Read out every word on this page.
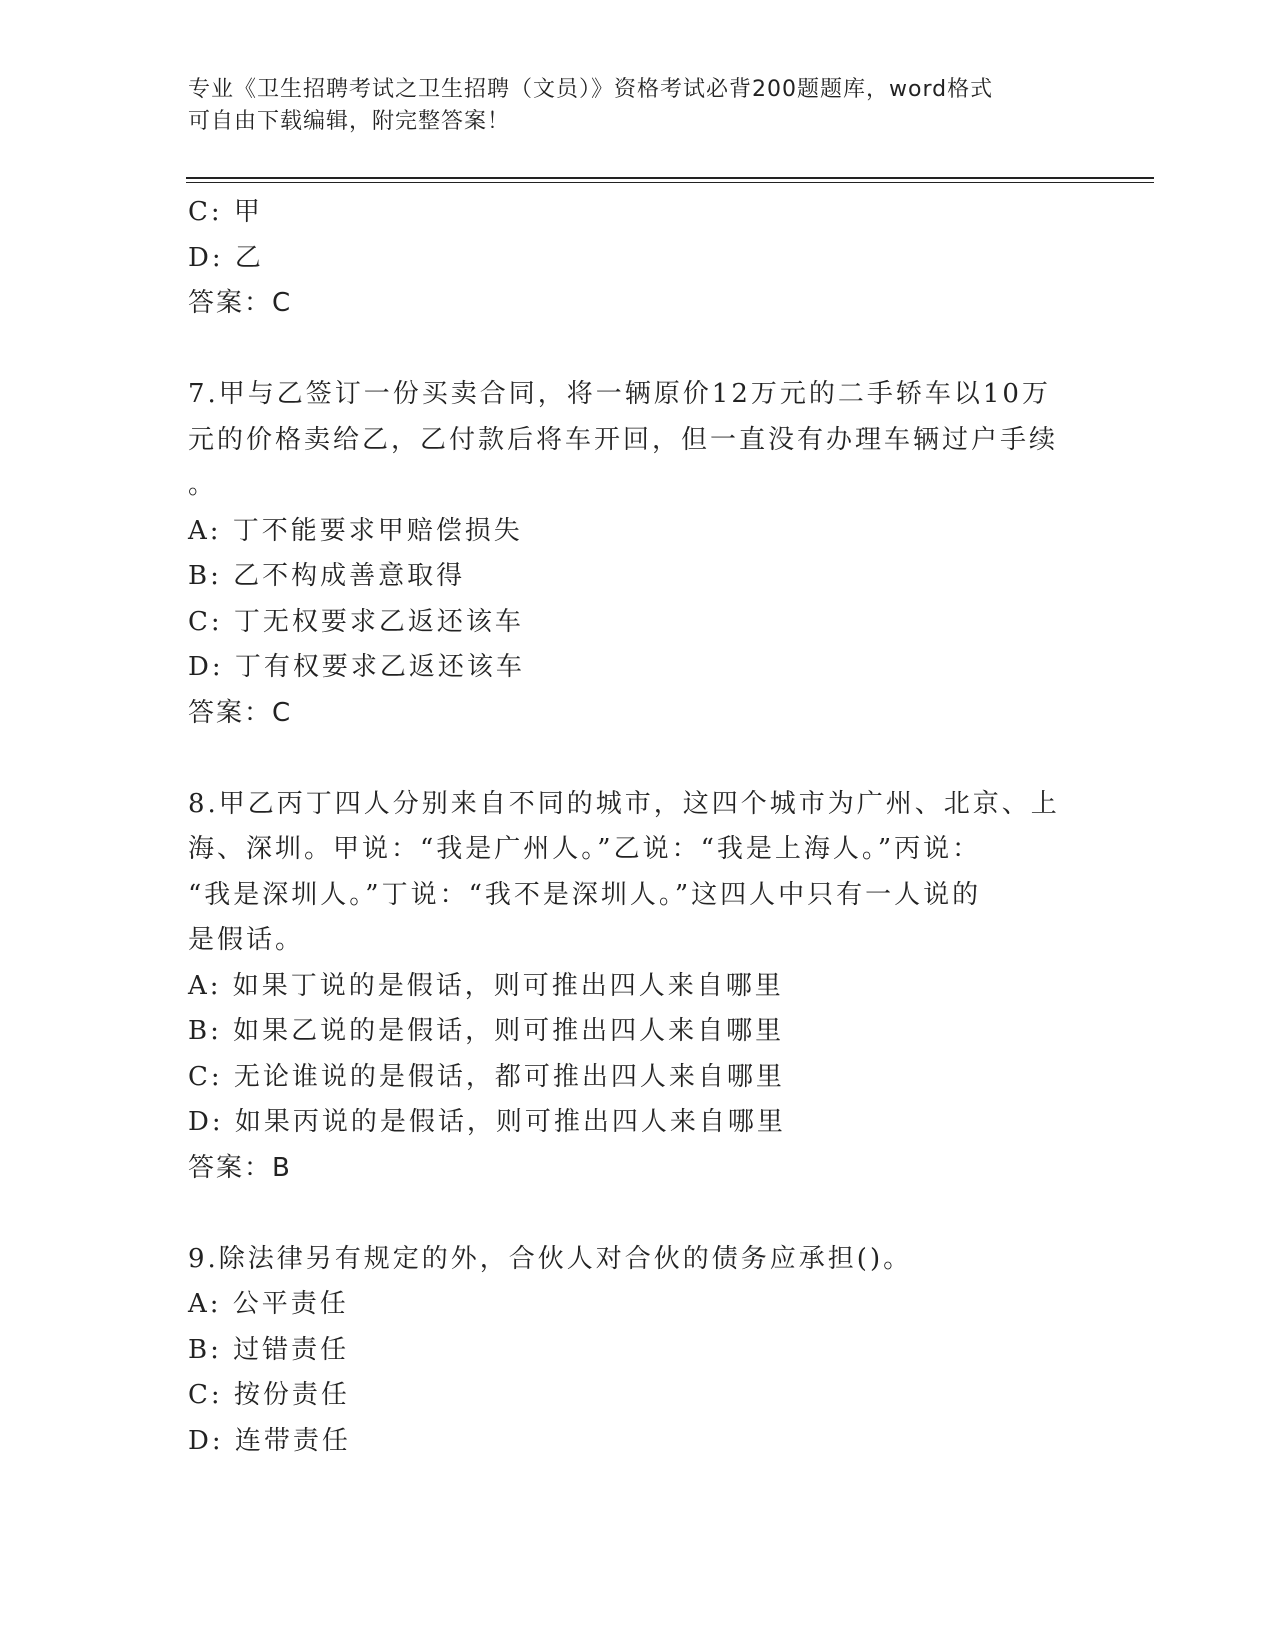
专业《卫生招聘考试之卫生招聘（文员）》资格考试必背200题题库，word格式
可自由下载编辑，附完整答案！

C: 甲

D: 乙

答案：C

7.甲与乙签订一份买卖合同，将一辆原价12万元的二手轿车以10万

元的价格卖给乙，乙付款后将车开回，但一直没有办理车辆过户手续

。

A: 丁不能要求甲赔偿损失

B: 乙不构成善意取得

C: 丁无权要求乙返还该车

D: 丁有权要求乙返还该车

答案：C

8.甲乙丙丁四人分别来自不同的城市，这四个城市为广州、北京、上

海、深圳。甲说：“我是广州人。”乙说：“我是上海人。”丙说：

“我是深圳人。”丁说：“我不是深圳人。”这四人中只有一人说的

是假话。

A: 如果丁说的是假话，则可推出四人来自哪里

B: 如果乙说的是假话，则可推出四人来自哪里

C: 无论谁说的是假话，都可推出四人来自哪里

D: 如果丙说的是假话，则可推出四人来自哪里

答案：B

9.除法律另有规定的外，合伙人对合伙的债务应承担()。

A: 公平责任

B: 过错责任

C: 按份责任

D: 连带责任
